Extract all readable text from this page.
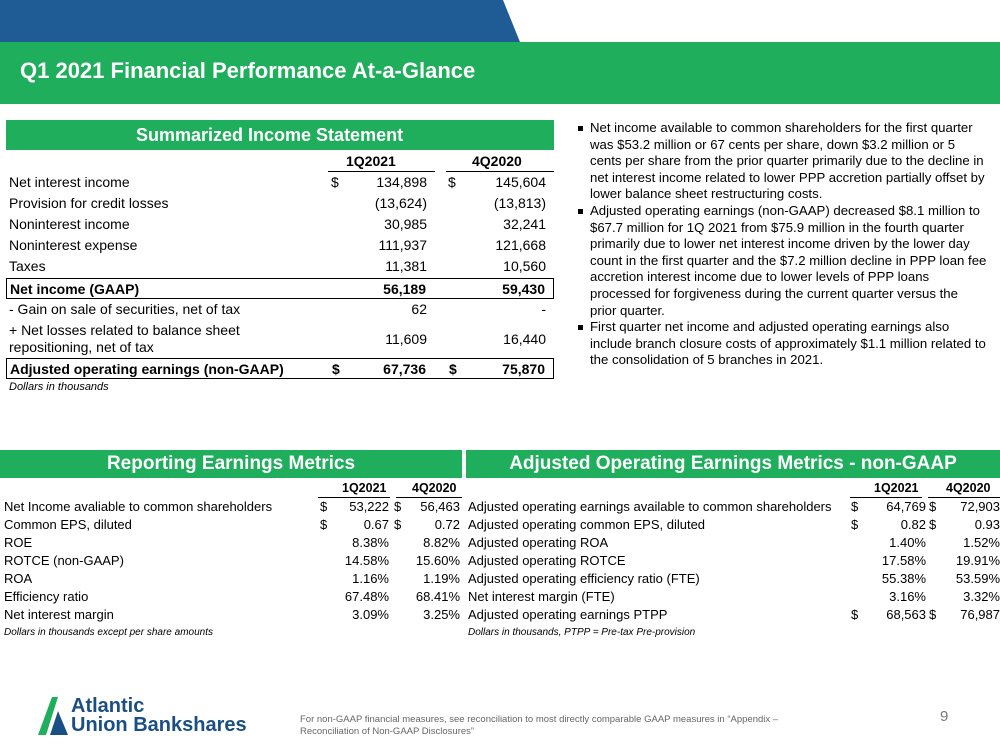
Q1 2021 Financial Performance At-a-Glance
Summarized Income Statement
1Q2021	4Q2020
Net interest income	$	134,898 $	145,604
Provision for credit losses	(13,624)	(13,813)
Noninterest income	30,985	32,241
Noninterest expense	111,937	121,668
Taxes	11,381	10,560
Net income (GAAP)	56,189	59,430
- Gain on sale of securities, net of tax	62	-
+ Net losses related to balance sheet repositioning, net of tax	11,609	16,440
Adjusted operating earnings (non-GAAP)	$	67,736 $	75,870
Dollars in thousands
Net income available to common shareholders for the first quarter was $53.2 million or 67 cents per share, down $3.2 million or 5 cents per share from the prior quarter primarily due to the decline in net interest income related to lower PPP accretion partially offset by lower balance sheet restructuring costs.
Adjusted operating earnings (non-GAAP) decreased $8.1 million to $67.7 million for 1Q 2021 from $75.9 million in the fourth quarter primarily due to lower net interest income driven by the lower day count in the first quarter and the $7.2 million decline in PPP loan fee accretion interest income due to lower levels of PPP loans processed for forgiveness during the current quarter versus the prior quarter.
First quarter net income and adjusted operating earnings also include branch closure costs of approximately $1.1 million related to the consolidation of 5 branches in 2021.
Reporting Earnings Metrics
1Q2021 4Q2020
Net Income avaliable to common shareholders	$ 53,222 $ 56,463
Common EPS, diluted	$	0.67 $	0.72
ROE	8.38%	8.82%
ROTCE (non-GAAP)	14.58% 15.60%
ROA	1.16%	1.19%
Efficiency ratio	67.48% 68.41%
Net interest margin	3.09%	3.25%
Dollars in thousands except per share amounts
Adjusted Operating Earnings Metrics - non-GAAP
1Q2021 4Q2020
Adjusted operating earnings available to common shareholders $ 64,769 $ 72,903
Adjusted operating common EPS, diluted	$	0.82 $	0.93
Adjusted operating ROA	1.40%	1.52%
Adjusted operating ROTCE	17.58% 19.91%
Adjusted operating efficiency ratio (FTE)	55.38% 53.59%
Net interest margin (FTE)	3.16%	3.32%
Adjusted operating earnings PTPP	$ 68,563 $ 76,987
Dollars in thousands, PTPP = Pre-tax Pre-provision
Atlantic
Union Bankshares	For non-GAAP financial measures, see reconciliation to most directly comparable GAAP measures in “Appendix – Reconciliation of Non-GAAP Disclosures”
9
